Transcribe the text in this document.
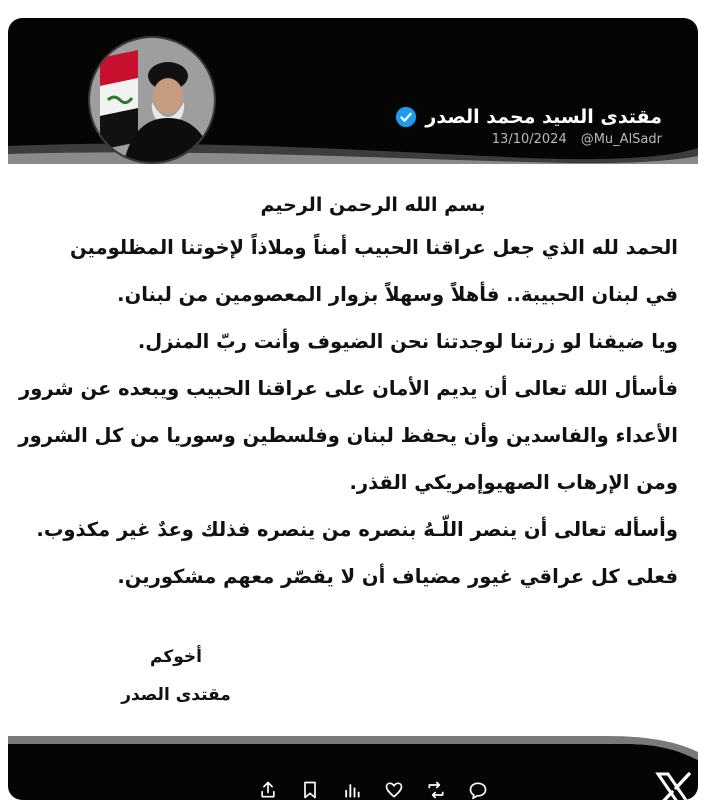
مقتدى السيد محمد الصدر
13/10/2024 @Mu_AlSadr
بسم الله الرحمن الرحيم

الحمد لله الذي جعل عراقنا الحبيب أمناً وملاذاً لإخوتنا المظلومين

في لبنان الحبيبة.. فأهلاً وسهلاً بزوار المعصومين من لبنان.

ويا ضيفنا لو زرتنا لوجدتنا نحن الضيوف وأنت ربّ المنزل.

فأسأل الله تعالى أن يديم الأمان على عراقنا الحبيب ويبعده عن شرور

الأعداء والفاسدين وأن يحفظ لبنان وفلسطين وسوريا من كل الشرور

ومن الإرهاب الصهيوإمريكي القذر.

وأسأله تعالى أن ينصر اللّـهُ بنصره من ينصره فذلك وعدٌ غير مكذوب.

فعلى كل عراقي غيور مضياف أن لا يقصّر معهم مشكورين.

أخوكم
مقتدى الصدر
